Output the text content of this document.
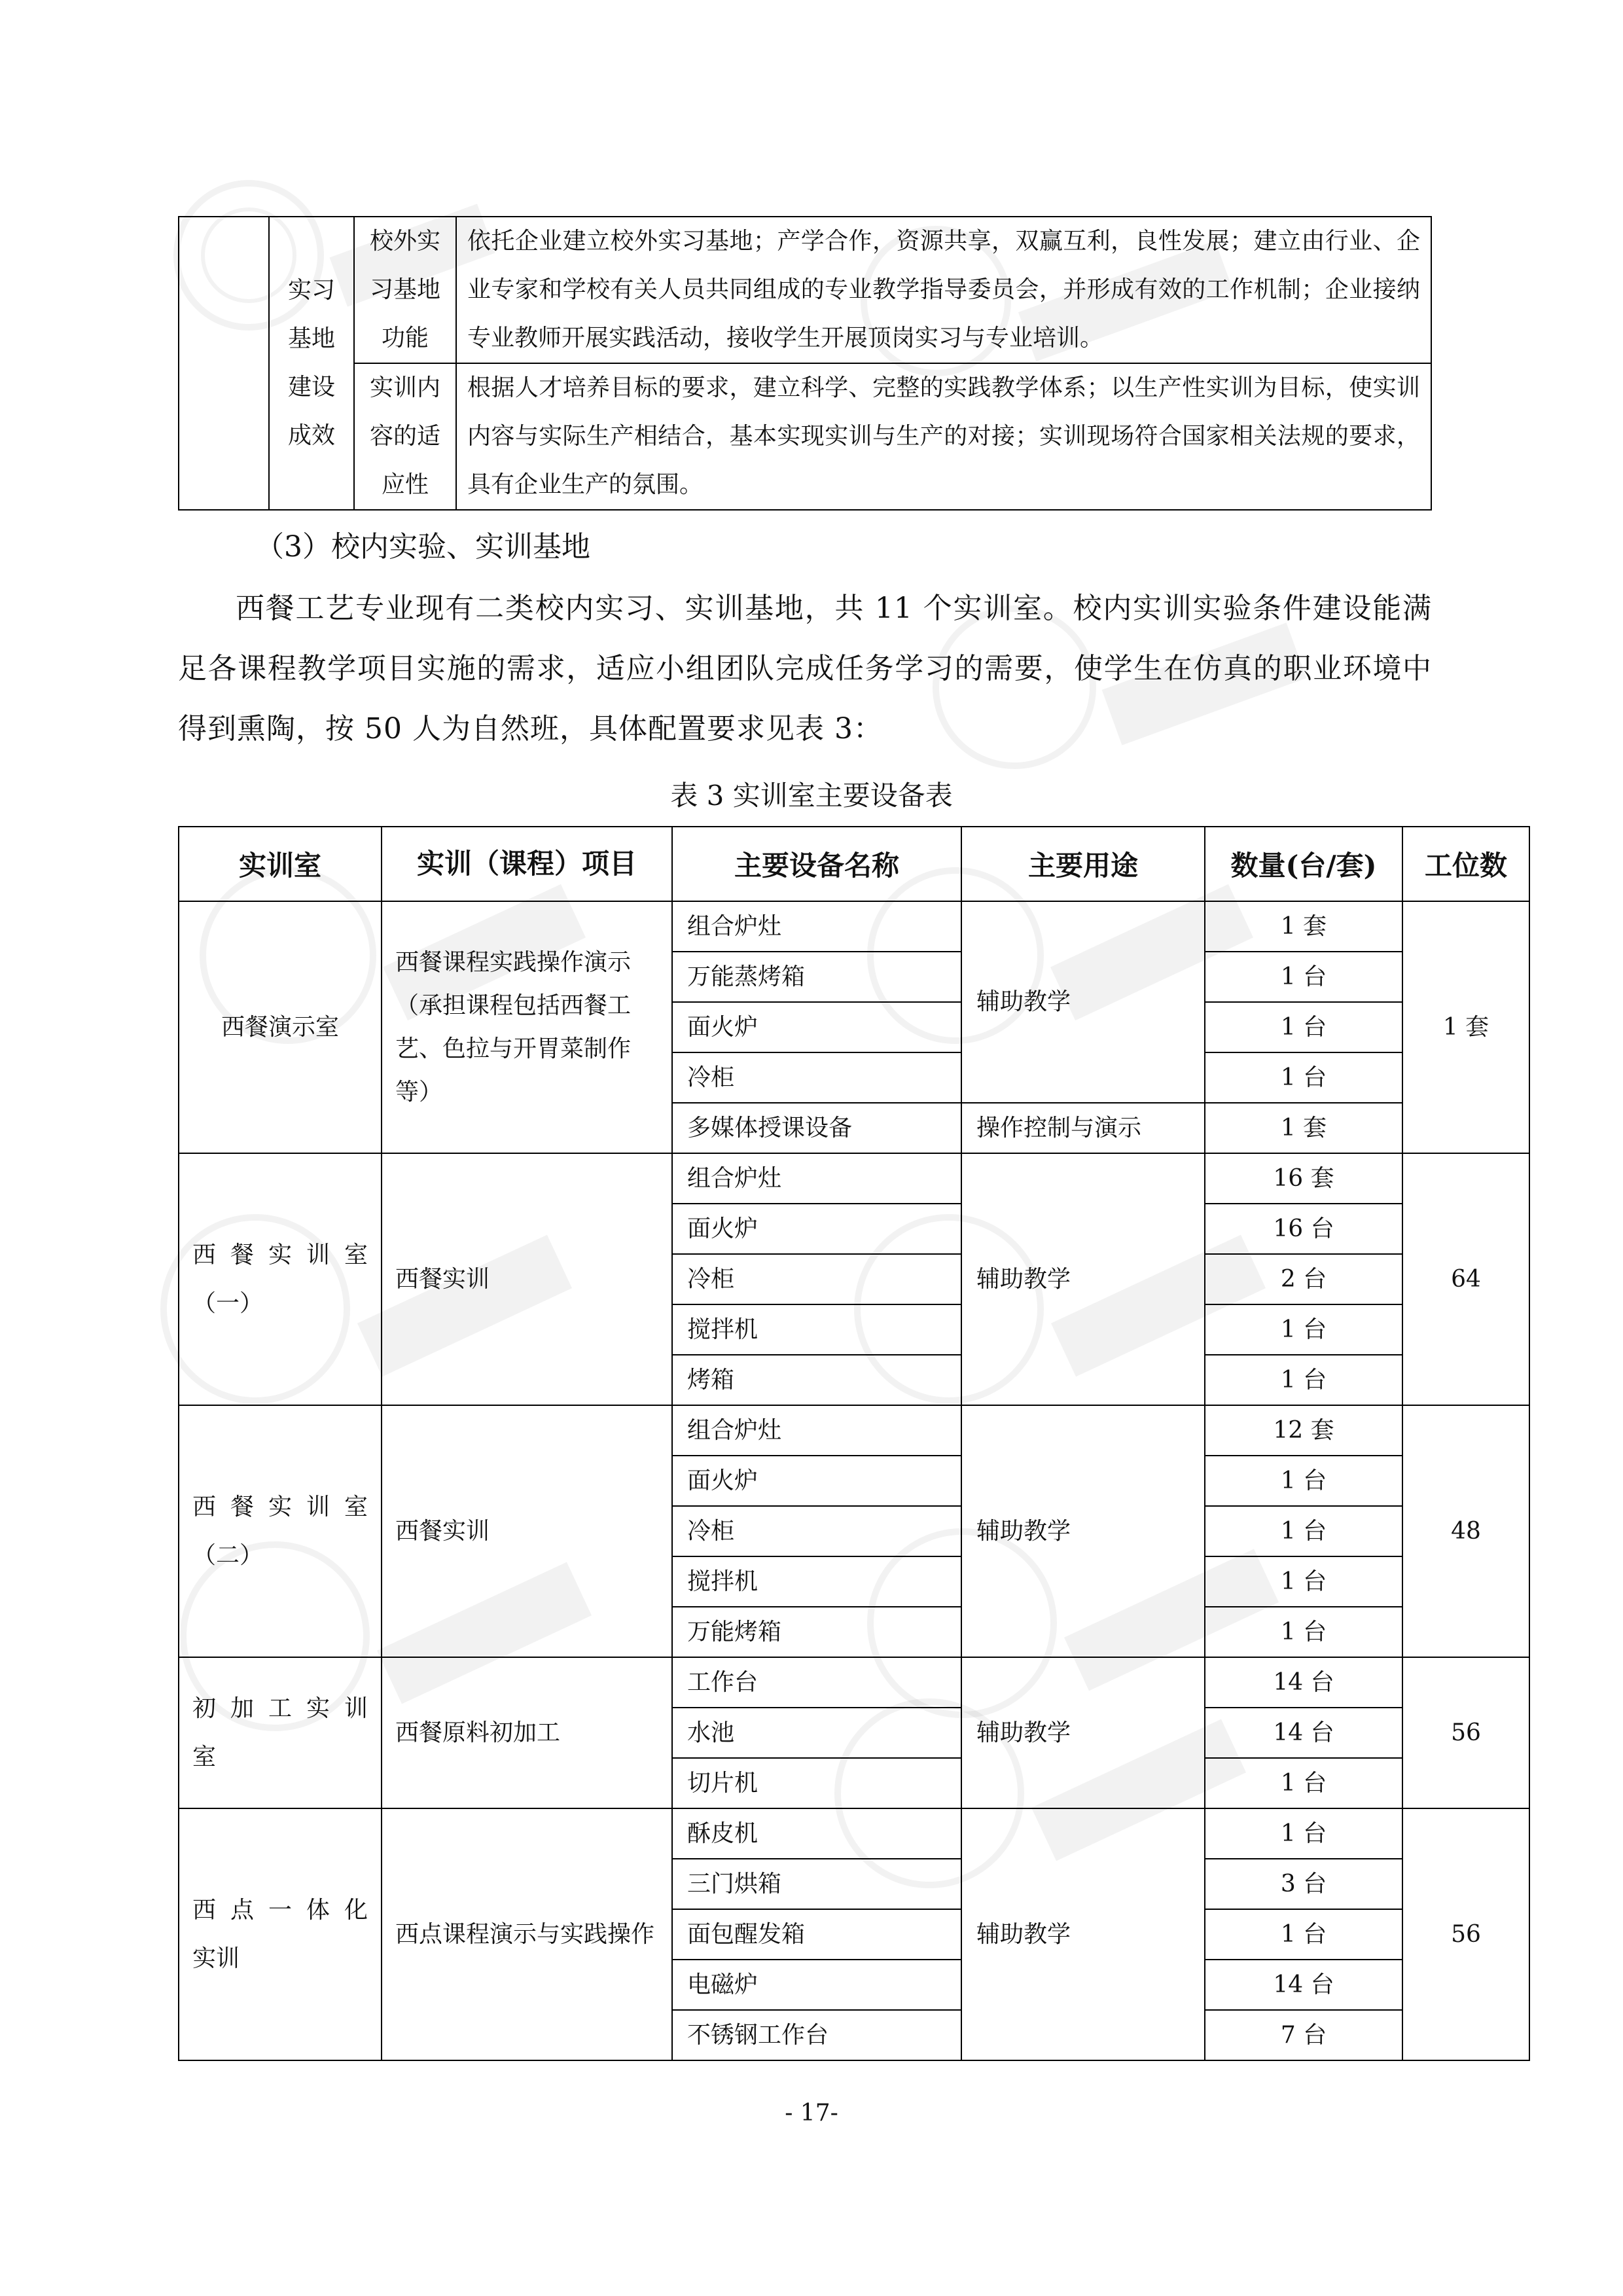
	实习基地建设成效	校外实习基地功能	依托企业建立校外实习基地；产学合作，资源共享，双赢互利，良性发展；建立由行业、企业专家和学校有关人员共同组成的专业教学指导委员会，并形成有效的工作机制；企业接纳专业教师开展实践活动，接收学生开展顶岗实习与专业培训。

		实训内容的适应性	根据人才培养目标的要求，建立科学、完整的实践教学体系；以生产性实训为目标，使实训内容与实际生产相结合，基本实现实训与生产的对接；实训现场符合国家相关法规的要求，具有企业生产的氛围。

（3）校内实验、实训基地

西餐工艺专业现有二类校内实习、实训基地，共 11 个实训室。校内实训实验条件建设能满足各课程教学项目实施的需求，适应小组团队完成任务学习的需要，使学生在仿真的职业环境中得到熏陶，按 50 人为自然班，具体配置要求见表 3：

表 3 实训室主要设备表
实训室	实训（课程）项目	主要设备名称	主要用途	数量(台/套)	工位数
西餐演示室	西餐课程实践操作演示（承担课程包括西餐工艺、色拉与开胃菜制作等）	组合炉灶	辅助教学	1 套	1 套
		万能蒸烤箱		1 台	
		面火炉		1 台	
		冷柜		1 台	
		多媒体授课设备	操作控制与演示	1 套	
西 餐 实 训 室（一）	西餐实训	组合炉灶	辅助教学	16 套	64
		面火炉		16 台	
		冷柜		2 台	
		搅拌机		1 台	
		烤箱		1 台	
西 餐 实 训 室（二）	西餐实训	组合炉灶	辅助教学	12 套	48
		面火炉		1 台	
		冷柜		1 台	
		搅拌机		1 台	
		万能烤箱		1 台	
初 加 工 实 训 室	西餐原料初加工	工作台	辅助教学	14 台	56
		水池		14 台	
		切片机		1 台	
西 点 一 体 化 实训	西点课程演示与实践操作	酥皮机	辅助教学	1 台	56
		三门烘箱		3 台	
		面包醒发箱		1 台	
		电磁炉		14 台	
		不锈钢工作台		7 台	
- 17-
